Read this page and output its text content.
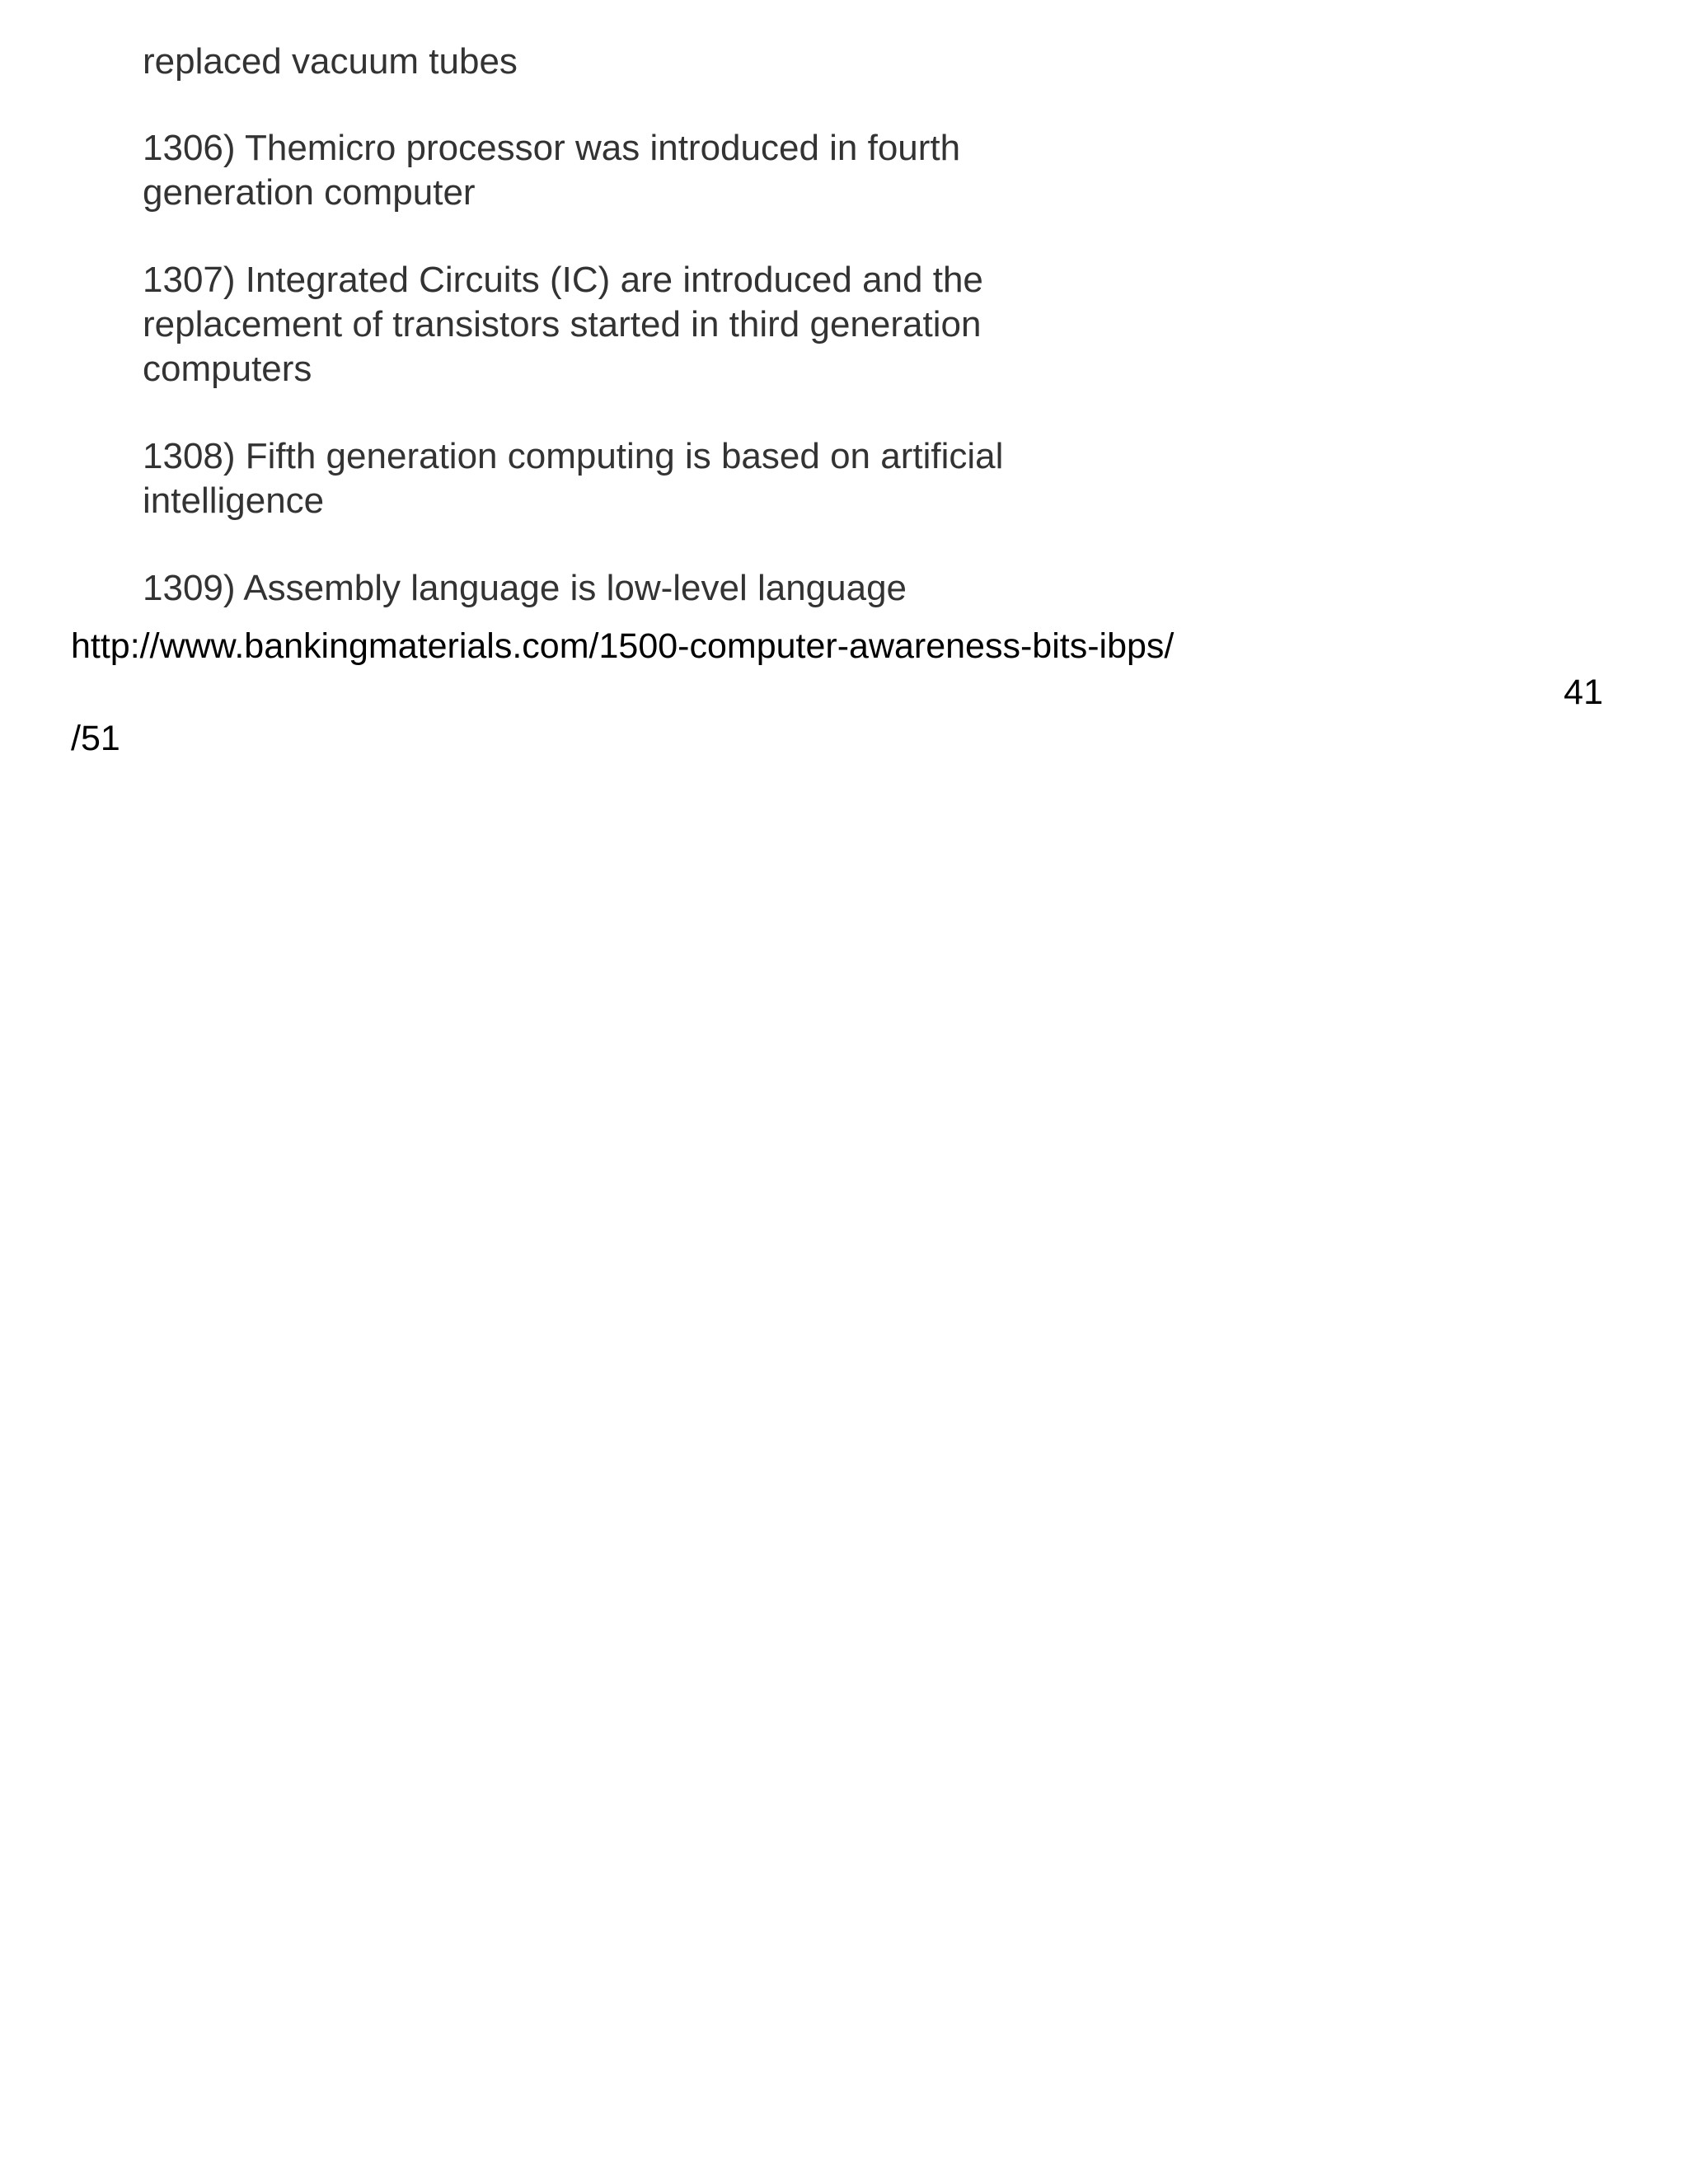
replaced vacuum tubes

1306) Themicro processor was introduced in fourth
generation computer

1307) Integrated Circuits (IC) are introduced and the
replacement of transistors started in third generation
computers

1308) Fifth generation computing is based on artificial
intelligence

1309) Assembly language is low-level language

http://www.bankingmaterials.com/1500-computer-awareness-bits-ibps/
41
/51
